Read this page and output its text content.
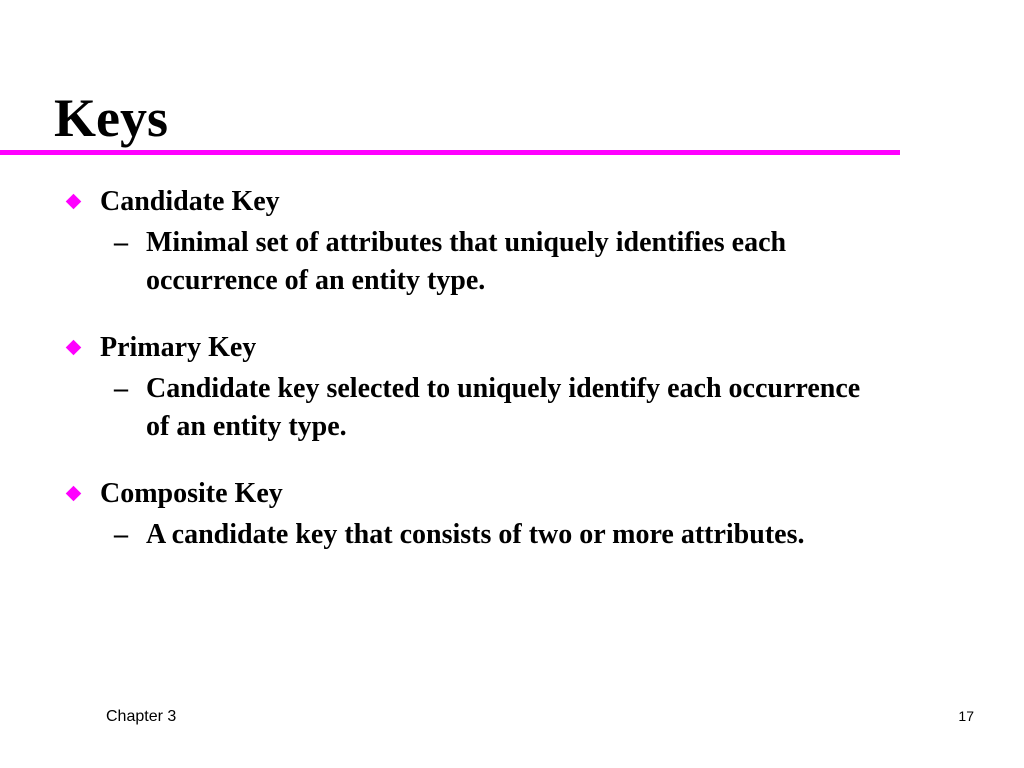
Keys
Candidate Key
– Minimal set of attributes that uniquely identifies each occurrence of an entity type.
Primary Key
– Candidate key selected to uniquely identify each occurrence of an entity type.
Composite Key
– A candidate key that consists of two or more attributes.
Chapter 3	17
